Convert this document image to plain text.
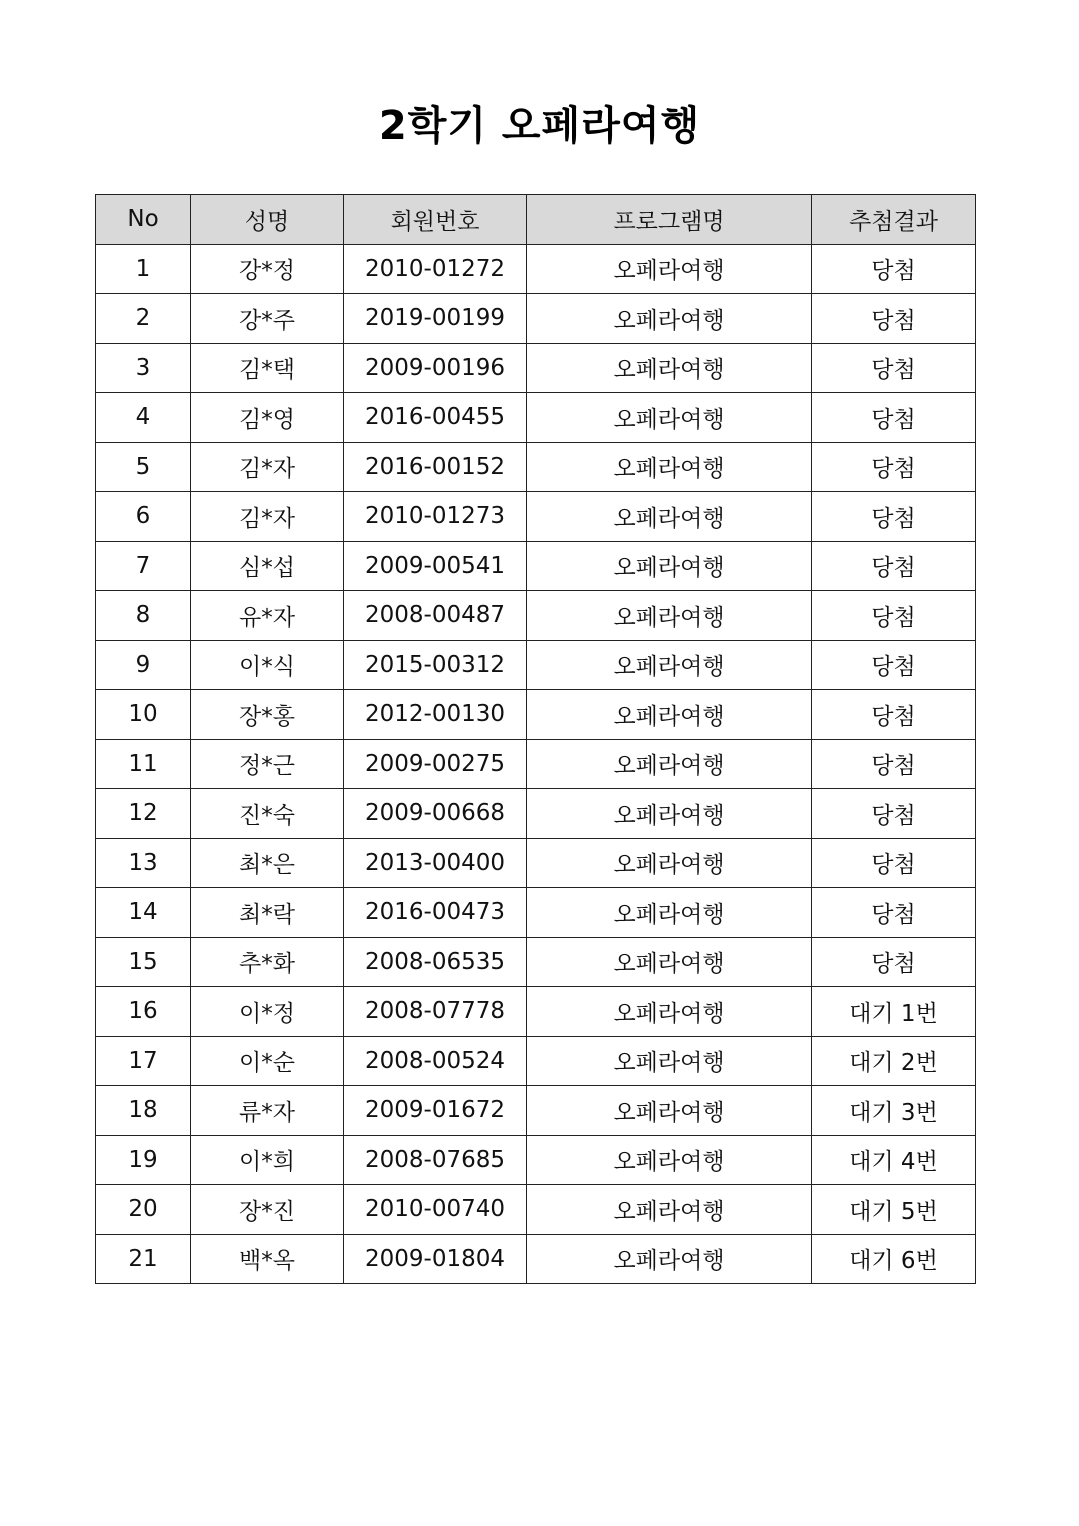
2학기 오페라여행
No	성명	회원번호	프로그램명	추첨결과
1	강*정	2010-01272	오페라여행	당첨
2	강*주	2019-00199	오페라여행	당첨
3	김*택	2009-00196	오페라여행	당첨
4	김*영	2016-00455	오페라여행	당첨
5	김*자	2016-00152	오페라여행	당첨
6	김*자	2010-01273	오페라여행	당첨
7	심*섭	2009-00541	오페라여행	당첨
8	유*자	2008-00487	오페라여행	당첨
9	이*식	2015-00312	오페라여행	당첨
10	장*홍	2012-00130	오페라여행	당첨
11	정*근	2009-00275	오페라여행	당첨
12	진*숙	2009-00668	오페라여행	당첨
13	최*은	2013-00400	오페라여행	당첨
14	최*락	2016-00473	오페라여행	당첨
15	추*화	2008-06535	오페라여행	당첨
16	이*정	2008-07778	오페라여행	대기 1번
17	이*순	2008-00524	오페라여행	대기 2번
18	류*자	2009-01672	오페라여행	대기 3번
19	이*희	2008-07685	오페라여행	대기 4번
20	장*진	2010-00740	오페라여행	대기 5번
21	백*옥	2009-01804	오페라여행	대기 6번
